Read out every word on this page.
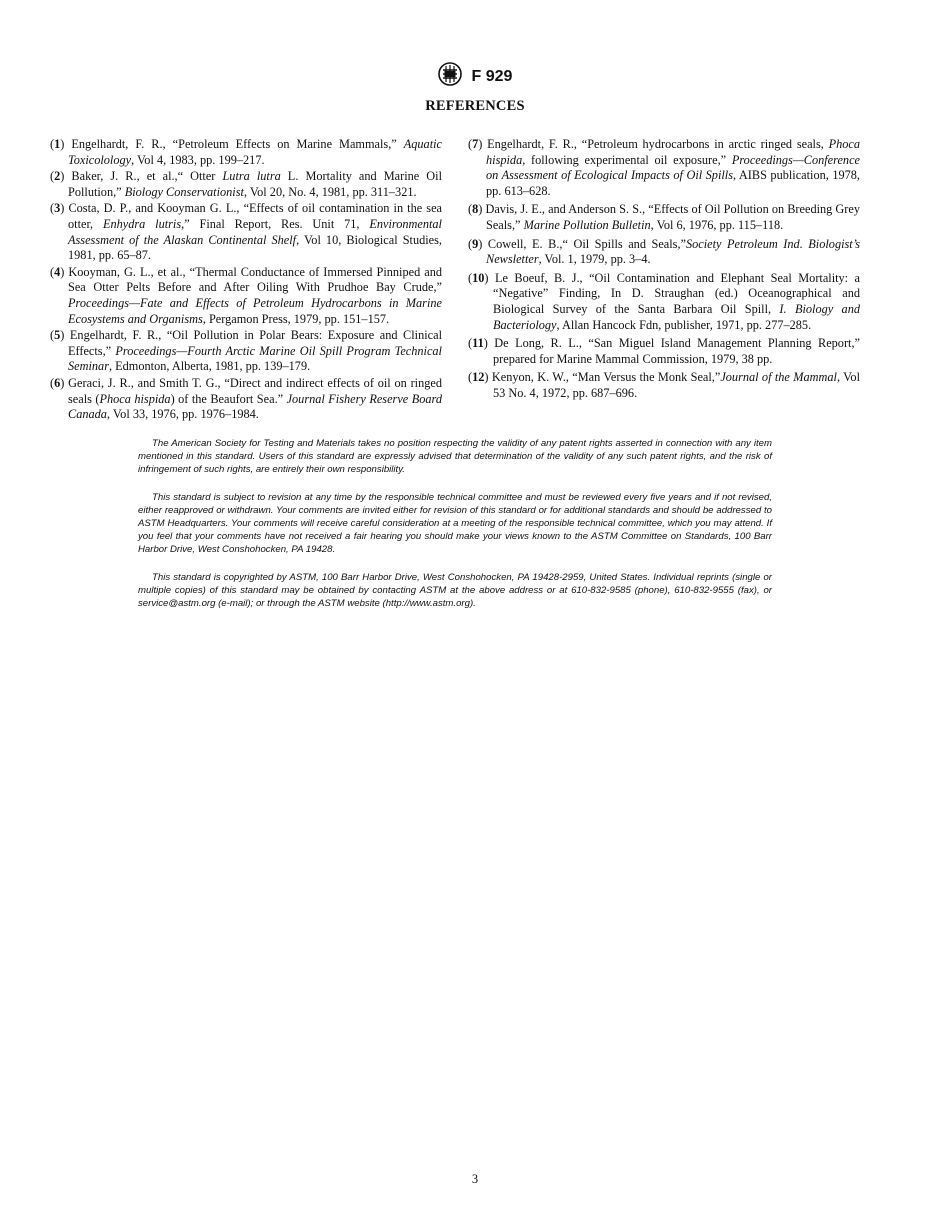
F 929
REFERENCES

(1) Engelhardt, F. R., “Petroleum Effects on Marine Mammals,” Aquatic Toxicolology, Vol 4, 1983, pp. 199–217.

(2) Baker, J. R., et al.,“ Otter Lutra lutra L. Mortality and Marine Oil Pollution,” Biology Conservationist, Vol 20, No. 4, 1981, pp. 311–321.

(3) Costa, D. P., and Kooyman G. L., “Effects of oil contamination in the sea otter, Enhydra lutris,” Final Report, Res. Unit 71, Environmental Assessment of the Alaskan Continental Shelf, Vol 10, Biological Studies, 1981, pp. 65–87.

(4) Kooyman, G. L., et al., “Thermal Conductance of Immersed Pinniped and Sea Otter Pelts Before and After Oiling With Prudhoe Bay Crude,” Proceedings—Fate and Effects of Petroleum Hydrocarbons in Marine Ecosystems and Organisms, Pergamon Press, 1979, pp. 151–157.

(5) Engelhardt, F. R., “Oil Pollution in Polar Bears: Exposure and Clinical Effects,” Proceedings—Fourth Arctic Marine Oil Spill Program Technical Seminar, Edmonton, Alberta, 1981, pp. 139–179.

(6) Geraci, J. R., and Smith T. G., “Direct and indirect effects of oil on ringed seals (Phoca hispida) of the Beaufort Sea.” Journal Fishery Reserve Board Canada, Vol 33, 1976, pp. 1976–1984.

(7) Engelhardt, F. R., “Petroleum hydrocarbons in arctic ringed seals, Phoca hispida, following experimental oil exposure,” Proceedings—Conference on Assessment of Ecological Impacts of Oil Spills, AIBS publication, 1978, pp. 613–628.

(8) Davis, J. E., and Anderson S. S., “Effects of Oil Pollution on Breeding Grey Seals,” Marine Pollution Bulletin, Vol 6, 1976, pp. 115–118.

(9) Cowell, E. B.,“ Oil Spills and Seals,”Society Petroleum Ind. Biologist’s Newsletter, Vol. 1, 1979, pp. 3–4.

(10) Le Boeuf, B. J., “Oil Contamination and Elephant Seal Mortality: a “Negative” Finding, In D. Straughan (ed.) Oceanographical and Biological Survey of the Santa Barbara Oil Spill, I. Biology and Bacteriology, Allan Hancock Fdn, publisher, 1971, pp. 277–285.

(11) De Long, R. L., “San Miguel Island Management Planning Report,” prepared for Marine Mammal Commission, 1979, 38 pp.

(12) Kenyon, K. W., “Man Versus the Monk Seal,”Journal of the Mammal, Vol 53 No. 4, 1972, pp. 687–696.

The American Society for Testing and Materials takes no position respecting the validity of any patent rights asserted in connection with any item mentioned in this standard. Users of this standard are expressly advised that determination of the validity of any such patent rights, and the risk of infringement of such rights, are entirely their own responsibility.

This standard is subject to revision at any time by the responsible technical committee and must be reviewed every five years and if not revised, either reapproved or withdrawn. Your comments are invited either for revision of this standard or for additional standards and should be addressed to ASTM Headquarters. Your comments will receive careful consideration at a meeting of the responsible technical committee, which you may attend. If you feel that your comments have not received a fair hearing you should make your views known to the ASTM Committee on Standards, 100 Barr Harbor Drive, West Conshohocken, PA 19428.

This standard is copyrighted by ASTM, 100 Barr Harbor Drive, West Conshohocken, PA 19428-2959, United States. Individual reprints (single or multiple copies) of this standard may be obtained by contacting ASTM at the above address or at 610-832-9585 (phone), 610-832-9555 (fax), or service@astm.org (e-mail); or through the ASTM website (http://www.astm.org).

3
